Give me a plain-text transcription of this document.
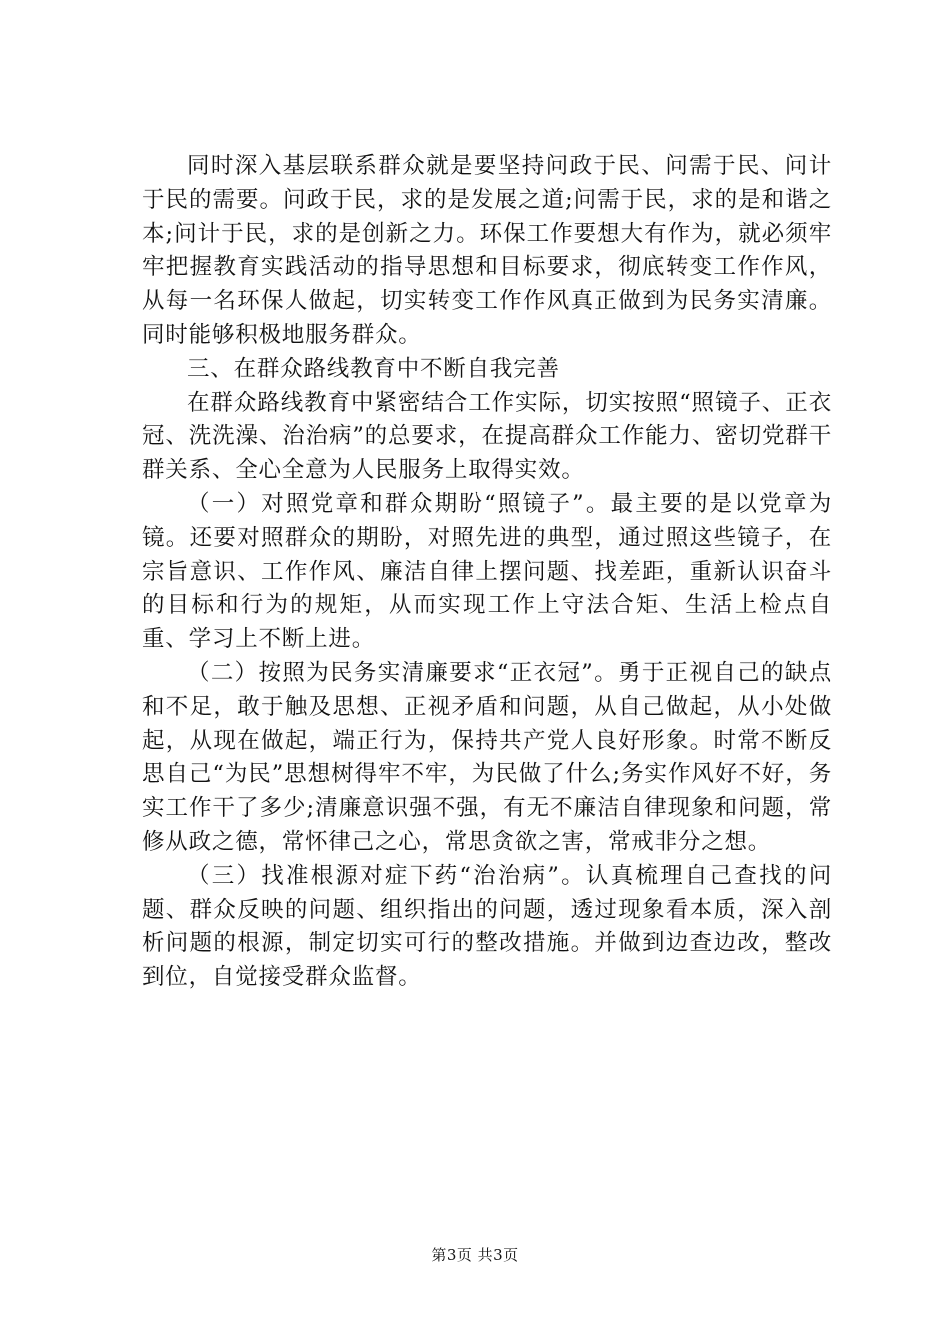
同时深入基层联系群众就是要坚持问政于民、问需于民、问计于民的需要。问政于民，求的是发展之道;问需于民，求的是和谐之本;问计于民，求的是创新之力。环保工作要想大有作为，就必须牢牢把握教育实践活动的指导思想和目标要求，彻底转变工作作风，从每一名环保人做起，切实转变工作作风真正做到为民务实清廉。同时能够积极地服务群众。

三、在群众路线教育中不断自我完善

在群众路线教育中紧密结合工作实际，切实按照“照镜子、正衣冠、洗洗澡、治治病”的总要求，在提高群众工作能力、密切党群干群关系、全心全意为人民服务上取得实效。

（一）对照党章和群众期盼“照镜子”。最主要的是以党章为镜。还要对照群众的期盼，对照先进的典型，通过照这些镜子，在宗旨意识、工作作风、廉洁自律上摆问题、找差距，重新认识奋斗的目标和行为的规矩，从而实现工作上守法合矩、生活上检点自重、学习上不断上进。

（二）按照为民务实清廉要求“正衣冠”。勇于正视自己的缺点和不足，敢于触及思想、正视矛盾和问题，从自己做起，从小处做起，从现在做起，端正行为，保持共产党人良好形象。时常不断反思自己“为民”思想树得牢不牢，为民做了什么;务实作风好不好，务实工作干了多少;清廉意识强不强，有无不廉洁自律现象和问题，常修从政之德，常怀律己之心，常思贪欲之害，常戒非分之想。

（三）找准根源对症下药“治治病”。认真梳理自己查找的问题、群众反映的问题、组织指出的问题，透过现象看本质，深入剖析问题的根源，制定切实可行的整改措施。并做到边查边改，整改到位，自觉接受群众监督。

第3页 共3页
